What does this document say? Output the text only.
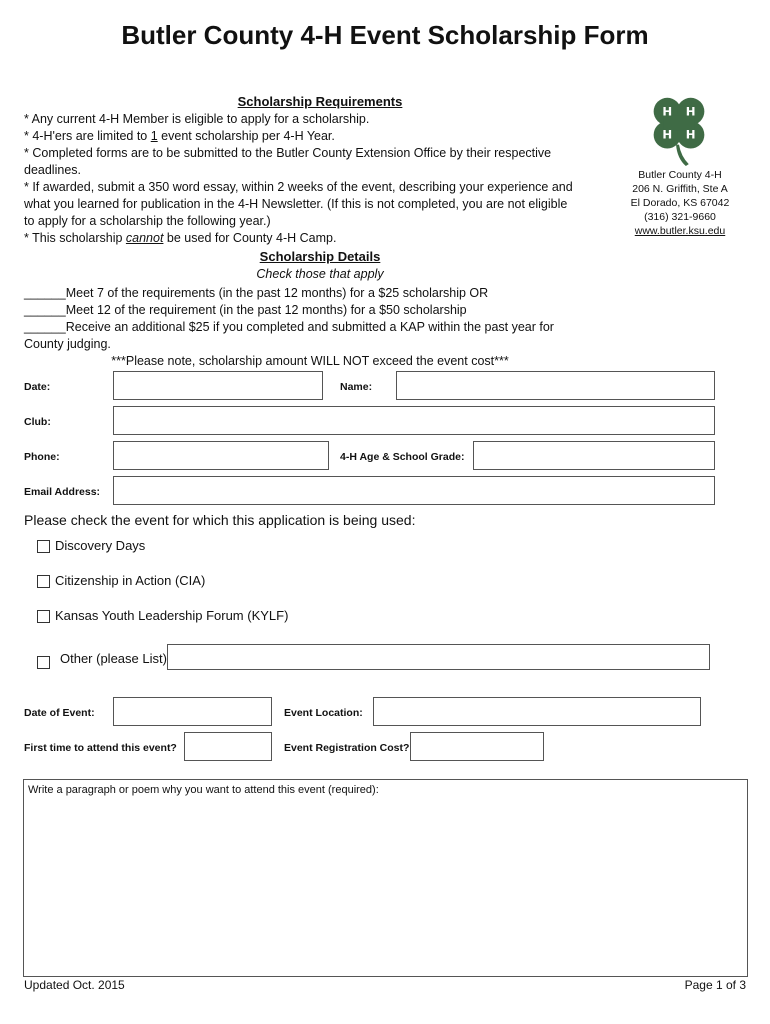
Butler County 4-H Event Scholarship Form
Scholarship Requirements
* Any current 4-H Member is eligible to apply for a scholarship.
* 4-H'ers are limited to 1 event scholarship per 4-H Year.
* Completed forms are to be submitted to the Butler County Extension Office by their respective
deadlines.
* If awarded, submit a 350 word essay, within 2 weeks of the event, describing your experience and
what you learned for publication in the 4-H Newsletter. (If this is not completed, you are not eligible
to apply for a scholarship the following year.)
* This scholarship cannot be used for County 4-H Camp.
Scholarship Details
Check those that apply
______Meet 7 of the requirements (in the past 12 months) for a $25 scholarship OR
______Meet 12 of the requirement (in the past 12 months) for a $50 scholarship
______Receive an additional $25 if you completed and submitted a KAP within the past year for
County judging.
***Please note, scholarship amount WILL NOT exceed the event cost***
H H
H H
Butler County 4-H
206 N. Griffith, Ste A
El Dorado, KS 67042
(316) 321-9660
www.butler.ksu.edu
Date:	Name:
Club:
Phone:	4-H Age & School Grade:
Email Address:
Please check the event for which this application is being used:
Discovery Days
Citizenship in Action (CIA)
Kansas Youth Leadership Forum (KYLF)
Other (please List)
Date of Event:	Event Location:
First time to attend this event?	Event Registration Cost?
Write a paragraph or poem why you want to attend this event (required):
Updated Oct. 2015	Page 1 of 3
